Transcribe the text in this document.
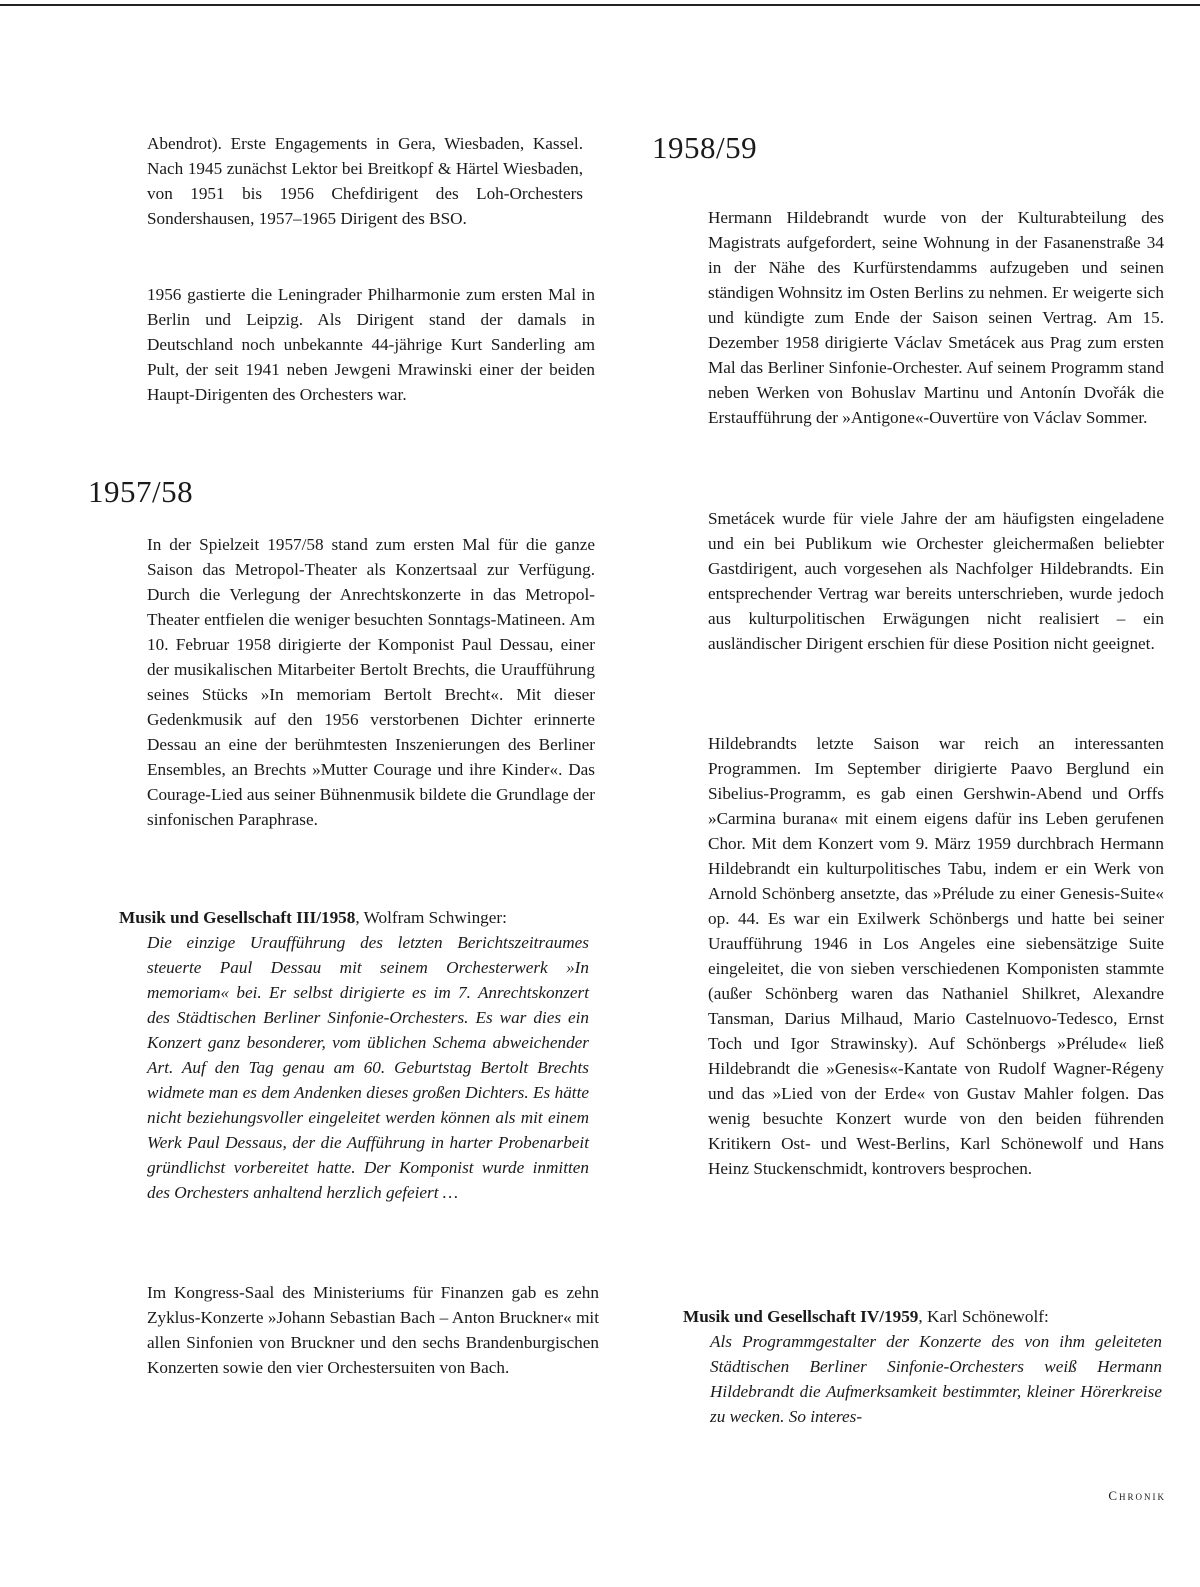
Abendrot). Erste Engagements in Gera, Wiesbaden, Kassel. Nach 1945 zunächst Lektor bei Breitkopf & Härtel Wiesbaden, von 1951 bis 1956 Chefdirigent des Loh-Orchesters Sondershausen, 1957–1965 Dirigent des BSO.

1956 gastierte die Leningrader Philharmonie zum ersten Mal in Berlin und Leipzig. Als Dirigent stand der damals in Deutschland noch unbekannte 44-jährige Kurt Sanderling am Pult, der seit 1941 neben Jewgeni Mrawinski einer der beiden Haupt-Dirigenten des Orchesters war.

1957/58

In der Spielzeit 1957/58 stand zum ersten Mal für die ganze Saison das Metropol-Theater als Konzertsaal zur Verfügung. Durch die Verlegung der Anrechtskonzerte in das Metropol-Theater entfielen die weniger besuchten Sonntags-Matineen. Am 10. Februar 1958 dirigierte der Komponist Paul Dessau, einer der musikalischen Mitarbeiter Bertolt Brechts, die Uraufführung seines Stücks »In memoriam Bertolt Brecht«. Mit dieser Gedenkmusik auf den 1956 verstorbenen Dichter erinnerte Dessau an eine der berühmtesten Inszenierungen des Berliner Ensembles, an Brechts »Mutter Courage und ihre Kinder«. Das Courage-Lied aus seiner Bühnenmusik bildete die Grundlage der sinfonischen Paraphrase.

Musik und Gesellschaft III/1958, Wolfram Schwinger:

Die einzige Uraufführung des letzten Berichtszeitraumes steuerte Paul Dessau mit seinem Orchesterwerk »In memoriam« bei. Er selbst dirigierte es im 7. Anrechtskonzert des Städtischen Berliner Sinfonie-Orchesters. Es war dies ein Konzert ganz besonderer, vom üblichen Schema abweichender Art. Auf den Tag genau am 60. Geburtstag Bertolt Brechts widmete man es dem Andenken dieses großen Dichters. Es hätte nicht beziehungsvoller eingeleitet werden können als mit einem Werk Paul Dessaus, der die Aufführung in harter Probenarbeit gründlichst vorbereitet hatte. Der Komponist wurde inmitten des Orchesters anhaltend herzlich gefeiert …

Im Kongress-Saal des Ministeriums für Finanzen gab es zehn Zyklus-Konzerte »Johann Sebastian Bach – Anton Bruckner« mit allen Sinfonien von Bruckner und den sechs Brandenburgischen Konzerten sowie den vier Orchestersuiten von Bach.

1958/59

Hermann Hildebrandt wurde von der Kulturabteilung des Magistrats aufgefordert, seine Wohnung in der Fasanenstraße 34 in der Nähe des Kurfürstendamms aufzugeben und seinen ständigen Wohnsitz im Osten Berlins zu nehmen. Er weigerte sich und kündigte zum Ende der Saison seinen Vertrag. Am 15. Dezember 1958 dirigierte Václav Smetácek aus Prag zum ersten Mal das Berliner Sinfonie-Orchester. Auf seinem Programm stand neben Werken von Bohuslav Martinu und Antonín Dvořák die Erstaufführung der »Antigone«-Ouvertüre von Václav Sommer.

Smetácek wurde für viele Jahre der am häufigsten eingeladene und ein bei Publikum wie Orchester gleichermaßen beliebter Gastdirigent, auch vorgesehen als Nachfolger Hildebrandts. Ein entsprechender Vertrag war bereits unterschrieben, wurde jedoch aus kulturpolitischen Erwägungen nicht realisiert – ein ausländischer Dirigent erschien für diese Position nicht geeignet.

Hildebrandts letzte Saison war reich an interessanten Programmen. Im September dirigierte Paavo Berglund ein Sibelius-Programm, es gab einen Gershwin-Abend und Orffs »Carmina burana« mit einem eigens dafür ins Leben gerufenen Chor. Mit dem Konzert vom 9. März 1959 durchbrach Hermann Hildebrandt ein kulturpolitisches Tabu, indem er ein Werk von Arnold Schönberg ansetzte, das »Prélude zu einer Genesis-Suite« op. 44. Es war ein Exilwerk Schönbergs und hatte bei seiner Uraufführung 1946 in Los Angeles eine siebensätzige Suite eingeleitet, die von sieben verschiedenen Komponisten stammte (außer Schönberg waren das Nathaniel Shilkret, Alexandre Tansman, Darius Milhaud, Mario Castelnuovo-Tedesco, Ernst Toch und Igor Strawinsky). Auf Schönbergs »Prélude« ließ Hildebrandt die »Genesis«-Kantate von Rudolf Wagner-Régeny und das »Lied von der Erde« von Gustav Mahler folgen. Das wenig besuchte Konzert wurde von den beiden führenden Kritikern Ost- und West-Berlins, Karl Schönewolf und Hans Heinz Stuckenschmidt, kontrovers besprochen.

Musik und Gesellschaft IV/1959, Karl Schönewolf:

Als Programmgestalter der Konzerte des von ihm geleiteten Städtischen Berliner Sinfonie-Orchesters weiß Hermann Hildebrandt die Aufmerksamkeit bestimmter, kleiner Hörerkreise zu wecken. So interes-

Chronik
